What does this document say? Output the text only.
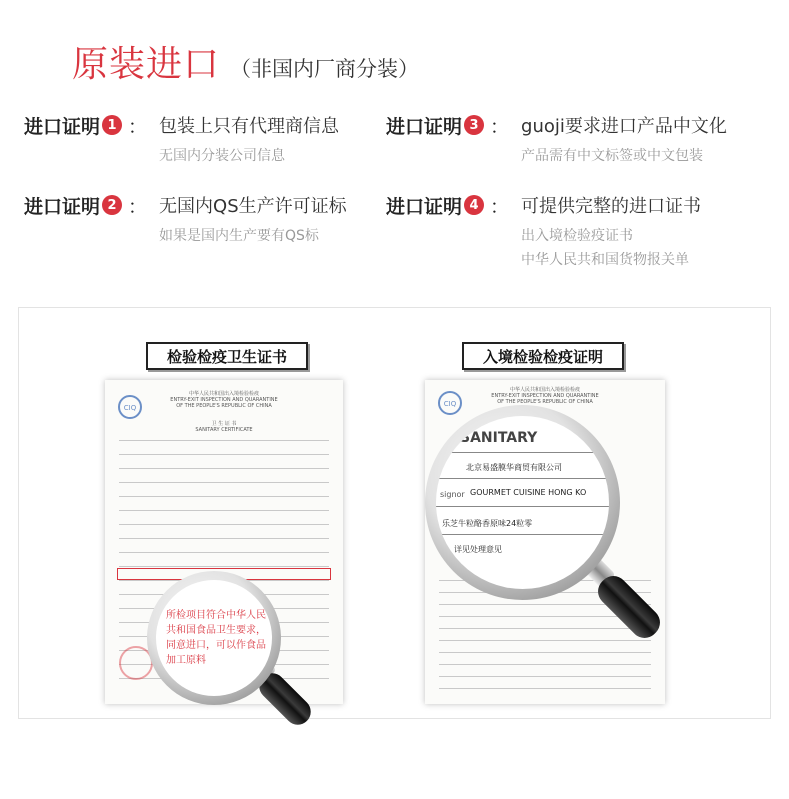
原装进口 （非国内厂商分装）
进口证明 1 ： 包装上只有代理商信息
无国内分装公司信息
进口证明 3 ： guoji要求进口产品中文化
产品需有中文标签或中文包装
进口证明 2 ： 无国内QS生产许可证标
如果是国内生产要有QS标
进口证明 4 ： 可提供完整的进口证书
出入境检验疫证书
中华人民共和国货物报关单
检验检疫卫生证书
CIQ
中华人民共和国出入境检验检疫
ENTRY-EXIT INSPECTION AND QUARANTINE
OF THE PEOPLE'S REPUBLIC OF CHINA
卫 生 证 书
SANITARY CERTIFICATE
所检项目符合中华人民共和国食品卫生要求，同意进口，可以作食品加工原料
入境检验检疫证明
CIQ
中华人民共和国出入境检验检疫
ENTRY-EXIT INSPECTION AND QUARANTINE
OF THE PEOPLE'S REPUBLIC OF CHINA
SANITARY
北京易盛膜华商贸有限公司
signor GOURMET CUISINE HONG KO
乐芝牛粒酪香原味24粒零
详见处理意见
